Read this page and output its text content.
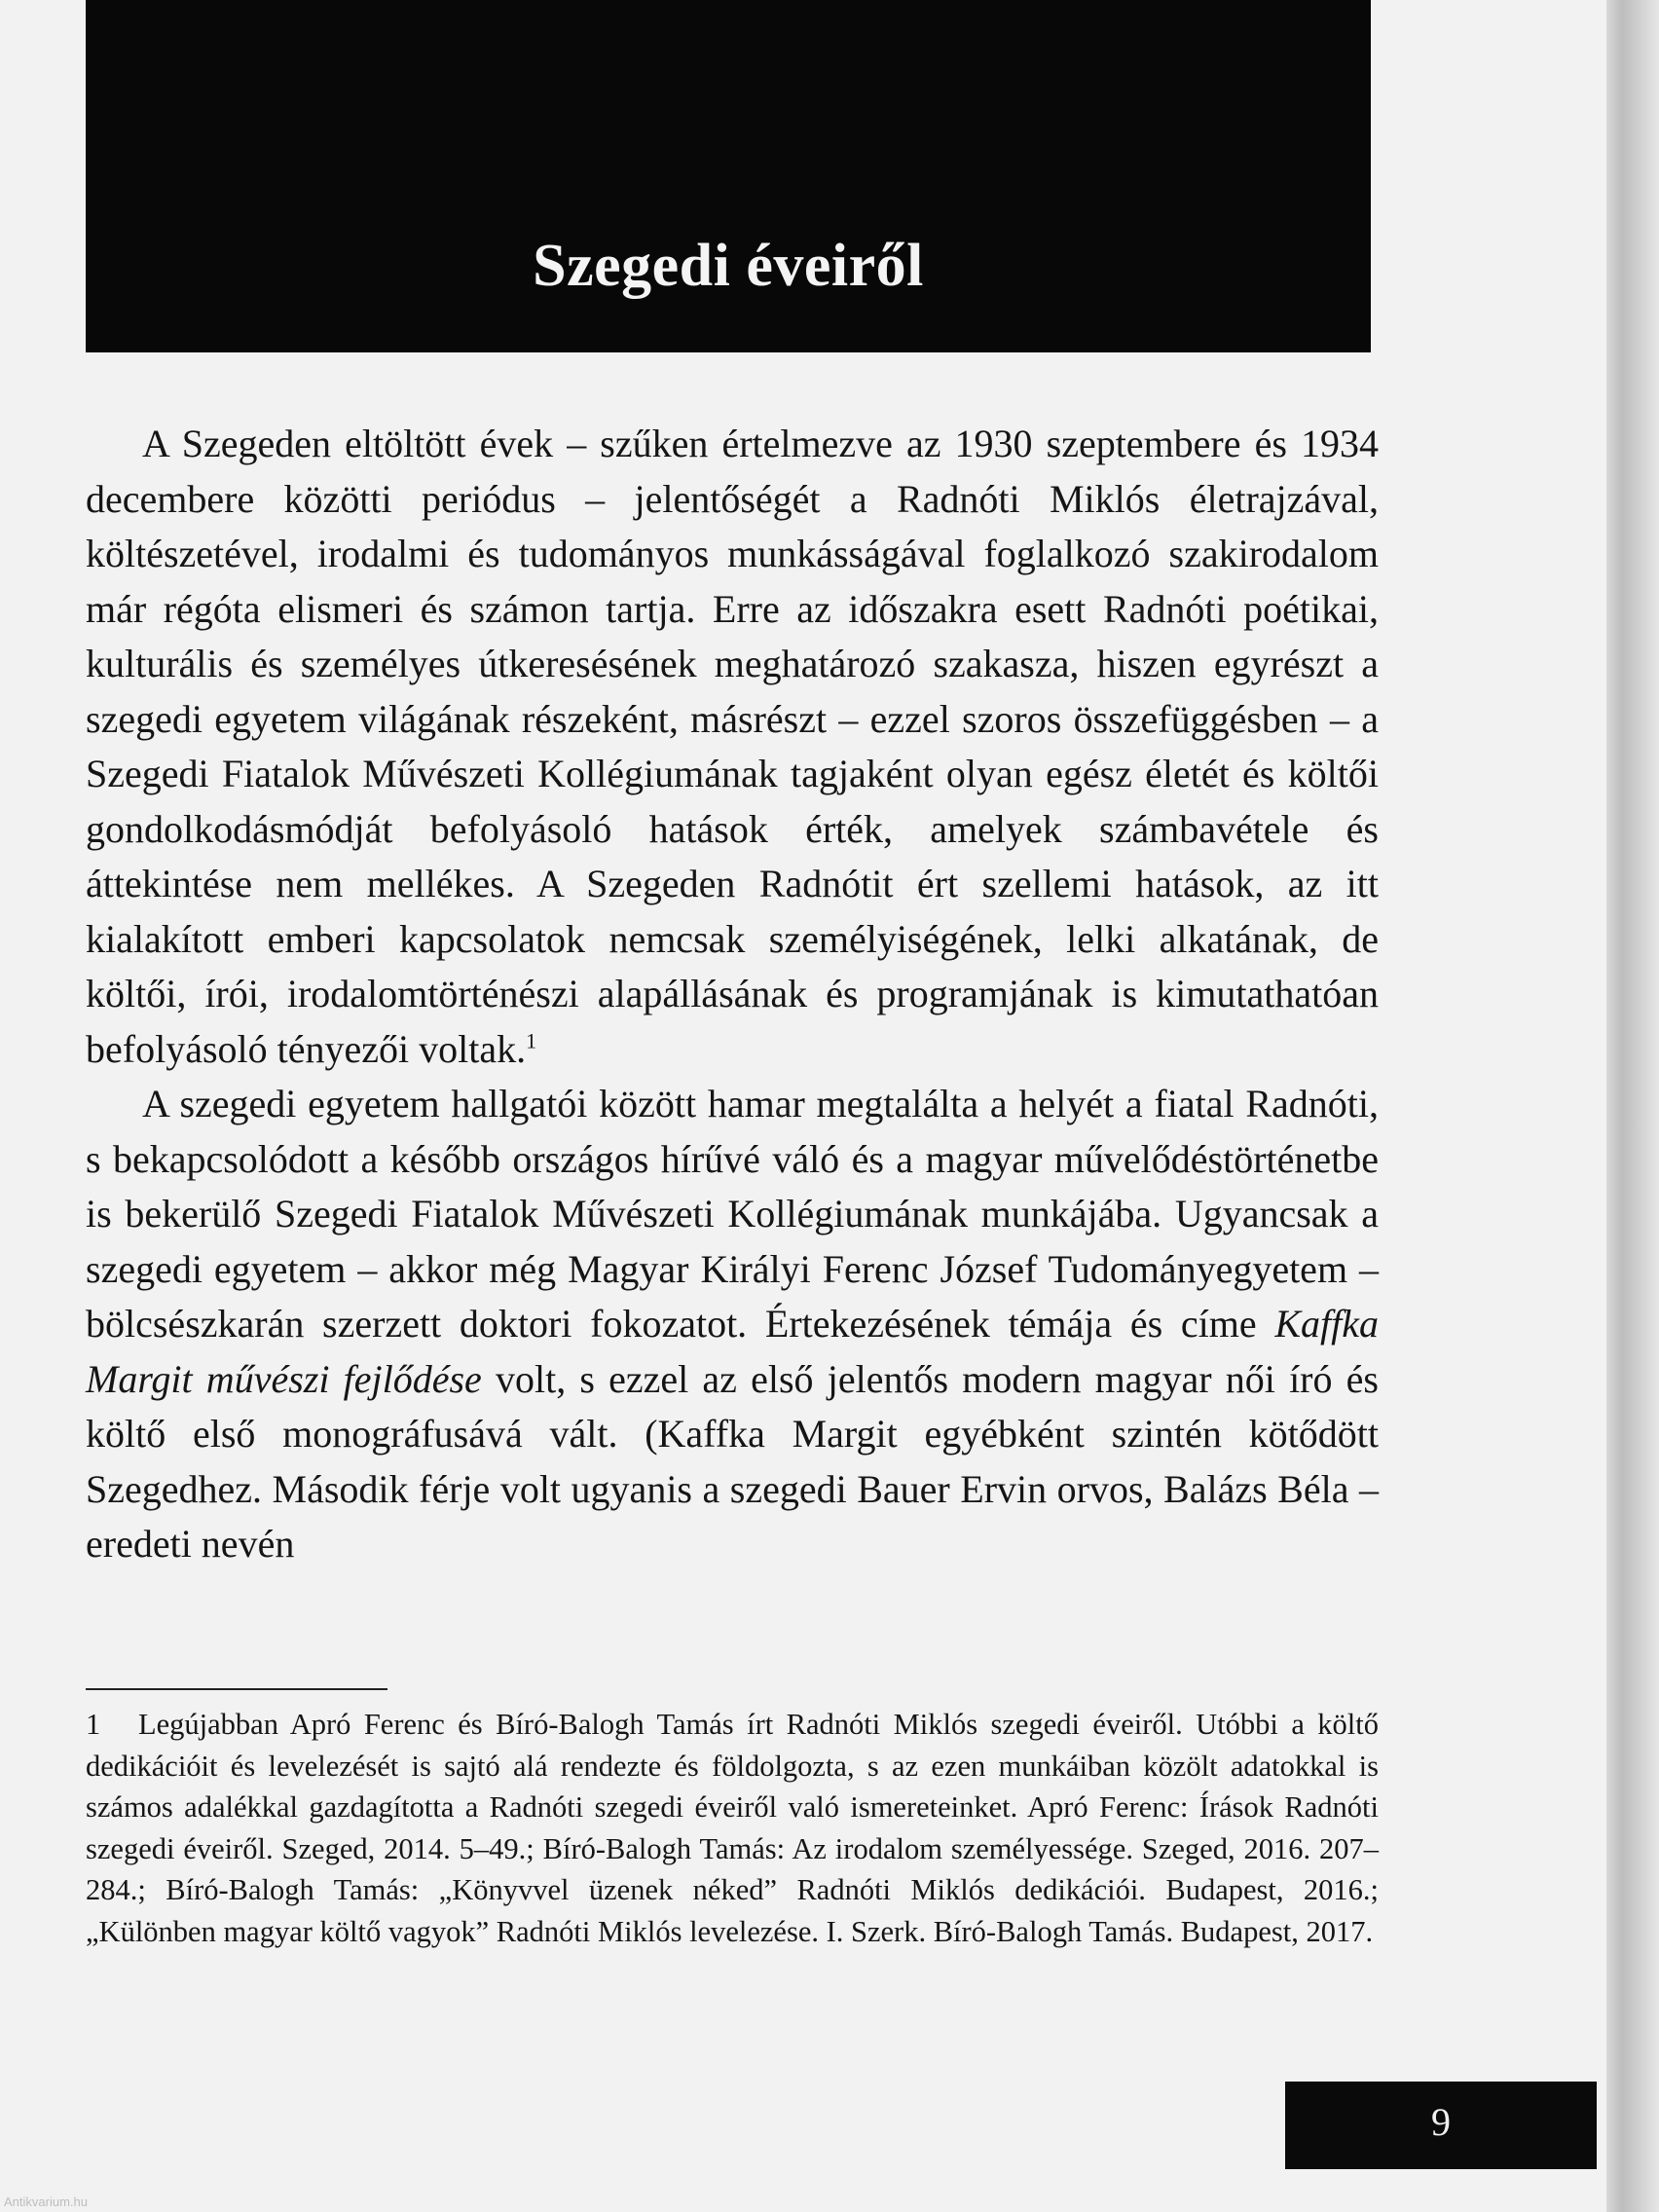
Szegedi éveiről

A Szegeden eltöltött évek – szűken értelmezve az 1930 szeptembere és 1934 decembere közötti periódus – jelentőségét a Radnóti Miklós életrajzával, költészetével, irodalmi és tudományos munkásságával foglalkozó szakirodalom már régóta elismeri és számon tartja. Erre az időszakra esett Radnóti poétikai, kulturális és személyes útkeresésének meghatározó szakasza, hiszen egyrészt a szegedi egyetem világának részeként, másrészt – ezzel szoros összefüggésben – a Szegedi Fiatalok Művészeti Kollégiumának tagjaként olyan egész életét és költői gondolkodásmódját befolyásoló hatások érték, amelyek számbavétele és áttekintése nem mellékes. A Szegeden Radnótit ért szellemi hatások, az itt kialakított emberi kapcsolatok nemcsak személyiségének, lelki alkatának, de költői, írói, irodalomtörténészi alapállásának és programjának is kimutathatóan befolyásoló tényezői voltak.$^1$

A szegedi egyetem hallgatói között hamar megtalálta a helyét a fiatal Radnóti, s bekapcsolódott a később országos hírűvé váló és a magyar művelődéstörténetbe is bekerülő Szegedi Fiatalok Művészeti Kollégiumának munkájába. Ugyancsak a szegedi egyetem – akkor még Magyar Királyi Ferenc József Tudományegyetem – bölcsészkarán szerzett doktori fokozatot. Értekezésének témája és címe Kaffka Margit művészi fejlődése volt, s ezzel az első jelentős modern magyar női író és költő első monográfusává vált. (Kaffka Margit egyébként szintén kötődött Szegedhez. Második férje volt ugyanis a szegedi Bauer Ervin orvos, Balázs Béla – eredeti nevén

1 Legújabban Apró Ferenc és Bíró-Balogh Tamás írt Radnóti Miklós szegedi éveiről. Utóbbi a költő dedikációit és levelezését is sajtó alá rendezte és földolgozta, s az ezen munkáiban közölt adatokkal is számos adalékkal gazdagította a Radnóti szegedi éveiről való ismereteinket. Apró Ferenc: Írások Radnóti szegedi éveiről. Szeged, 2014. 5–49.; Bíró-Balogh Tamás: Az irodalom személyessége. Szeged, 2016. 207–284.; Bíró-Balogh Tamás: „Könyvvel üzenek néked” Radnóti Miklós dedikációi. Budapest, 2016.; „Különben magyar költő vagyok” Radnóti Miklós levelezése. I. Szerk. Bíró-Balogh Tamás. Budapest, 2017.
9
Antikvarium.hu
